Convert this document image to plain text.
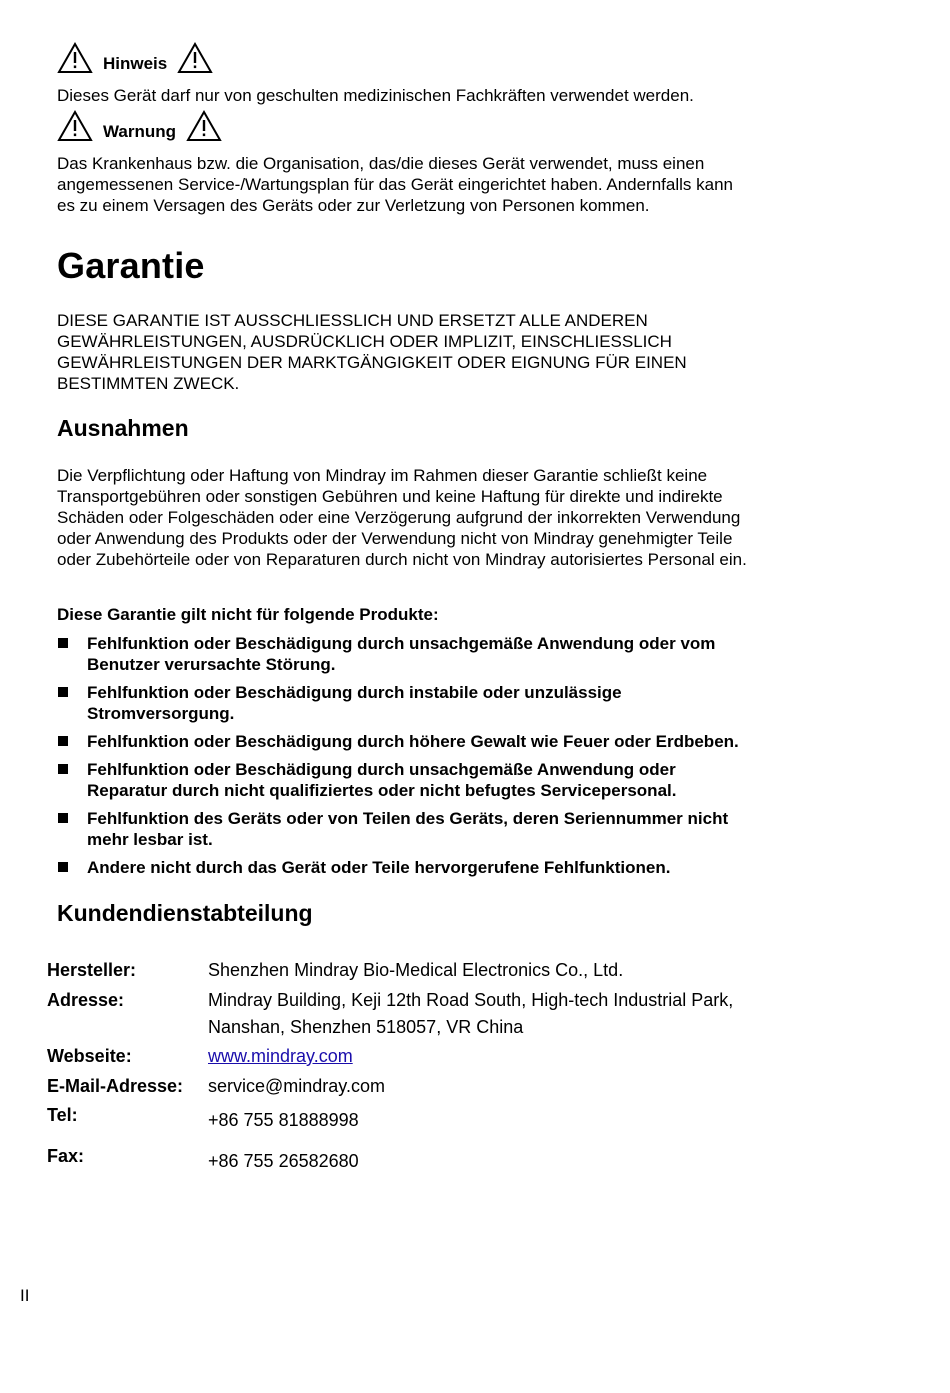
Hinweis

Dieses Gerät darf nur von geschulten medizinischen Fachkräften verwendet werden.

Warnung

Das Krankenhaus bzw. die Organisation, das/die dieses Gerät verwendet, muss einen

angemessenen Service-/Wartungsplan für das Gerät eingerichtet haben. Andernfalls kann

es zu einem Versagen des Geräts oder zur Verletzung von Personen kommen.

Garantie

DIESE GARANTIE IST AUSSCHLIESSLICH UND ERSETZT ALLE ANDEREN

GEWÄHRLEISTUNGEN, AUSDRÜCKLICH ODER IMPLIZIT, EINSCHLIESSLICH

GEWÄHRLEISTUNGEN DER MARKTGÄNGIGKEIT ODER EIGNUNG FÜR EINEN

BESTIMMTEN ZWECK.

Ausnahmen

Die Verpflichtung oder Haftung von Mindray im Rahmen dieser Garantie schließt keine

Transportgebühren oder sonstigen Gebühren und keine Haftung für direkte und indirekte

Schäden oder Folgeschäden oder eine Verzögerung aufgrund der inkorrekten Verwendung

oder Anwendung des Produkts oder der Verwendung nicht von Mindray genehmigter Teile

oder Zubehörteile oder von Reparaturen durch nicht von Mindray autorisiertes Personal ein.

Diese Garantie gilt nicht für folgende Produkte:

Fehlfunktion oder Beschädigung durch unsachgemäße Anwendung oder vom
Benutzer verursachte Störung.
Fehlfunktion oder Beschädigung durch instabile oder unzulässige
Stromversorgung.
Fehlfunktion oder Beschädigung durch höhere Gewalt wie Feuer oder Erdbeben.
Fehlfunktion oder Beschädigung durch unsachgemäße Anwendung oder
Reparatur durch nicht qualifiziertes oder nicht befugtes Servicepersonal.
Fehlfunktion des Geräts oder von Teilen des Geräts, deren Seriennummer nicht
mehr lesbar ist.
Andere nicht durch das Gerät oder Teile hervorgerufene Fehlfunktionen.
Kundendienstabteilung
Hersteller:	Shenzhen Mindray Bio-Medical Electronics Co., Ltd.
Adresse:	Mindray Building, Keji 12th Road South, High-tech Industrial Park,
Nanshan, Shenzhen 518057, VR China

Webseite:	www.mindray.com
E-Mail-Adresse:	service@mindray.com
Tel:	+86 755 81888998
Fax:	+86 755 26582680
II
